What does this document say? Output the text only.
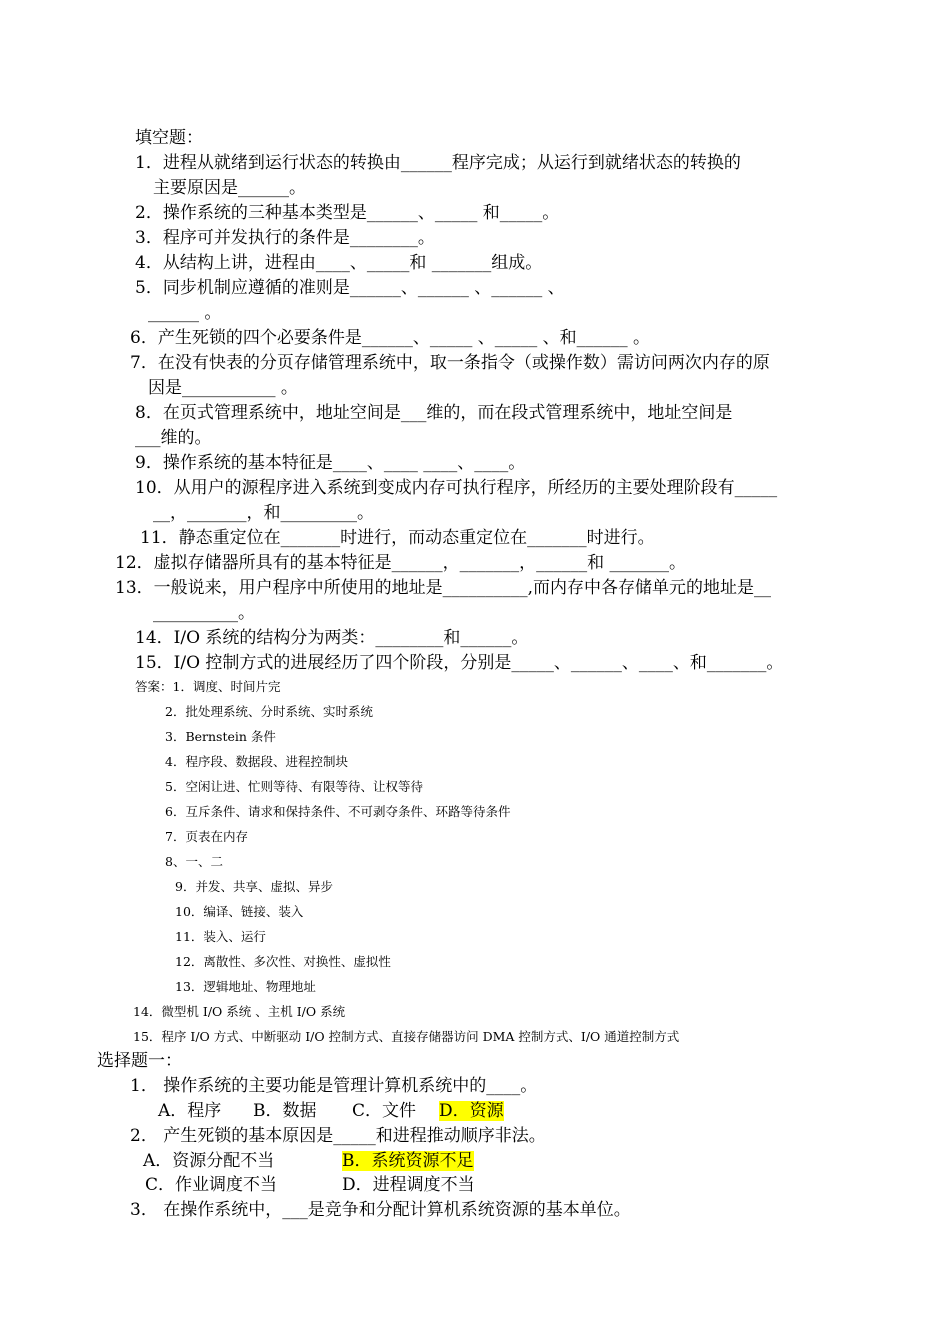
填空题：
1．进程从就绪到运行状态的转换由______程序完成；从运行到就绪状态的转换的
主要原因是______。
2．操作系统的三种基本类型是______、_____ 和_____。
3．程序可并发执行的条件是________。
4．从结构上讲，进程由____、_____和 _______组成。
5．同步机制应遵循的准则是______、______ 、______ 、
______ 。
6．产生死锁的四个必要条件是______、_____ 、_____ 、和______ 。
7．在没有快表的分页存储管理系统中，取一条指令（或操作数）需访问两次内存的原
因是___________ 。
8．在页式管理系统中，地址空间是___维的，而在段式管理系统中，地址空间是
___维的。
9．操作系统的基本特征是____、____ ____、____。
10．从用户的源程序进入系统到变成内存可执行程序，所经历的主要处理阶段有_____
__，_______，和_________。
11．静态重定位在_______时进行，而动态重定位在_______时进行。
12．虚拟存储器所具有的基本特征是______，_______，______和 _______。
13．一般说来，用户程序中所使用的地址是__________,而内存中各存储单元的地址是__
__________。
14．I/O 系统的结构分为两类：________和______。
15．I/O 控制方式的进展经历了四个阶段，分别是_____、______、____、和_______。
答案：1．调度、时间片完
2．批处理系统、分时系统、实时系统
3．Bernstein 条件
4．程序段、数据段、进程控制块
5．空闲让进、忙则等待、有限等待、让权等待
6．互斥条件、请求和保持条件、不可剥夺条件、环路等待条件
7．页表在内存
8、一、二
9．并发、共享、虚拟、异步
10．编译、链接、装入
11．装入、运行
12．离散性、多次性、对换性、虚拟性
13．逻辑地址、物理地址
14．微型机 I/O 系统 、主机 I/O 系统
15．程序 I/O 方式、中断驱动 I/O 控制方式、直接存储器访问 DMA 控制方式、I/O 通道控制方式
选择题一：
1． 操作系统的主要功能是管理计算机系统中的____。
A．程序 B．数据 C．文件 D．资源
2． 产生死锁的基本原因是_____和进程推动顺序非法。
A．资源分配不当	B．系统资源不足
C．作业调度不当	D．进程调度不当
3． 在操作系统中，___是竞争和分配计算机系统资源的基本单位。
